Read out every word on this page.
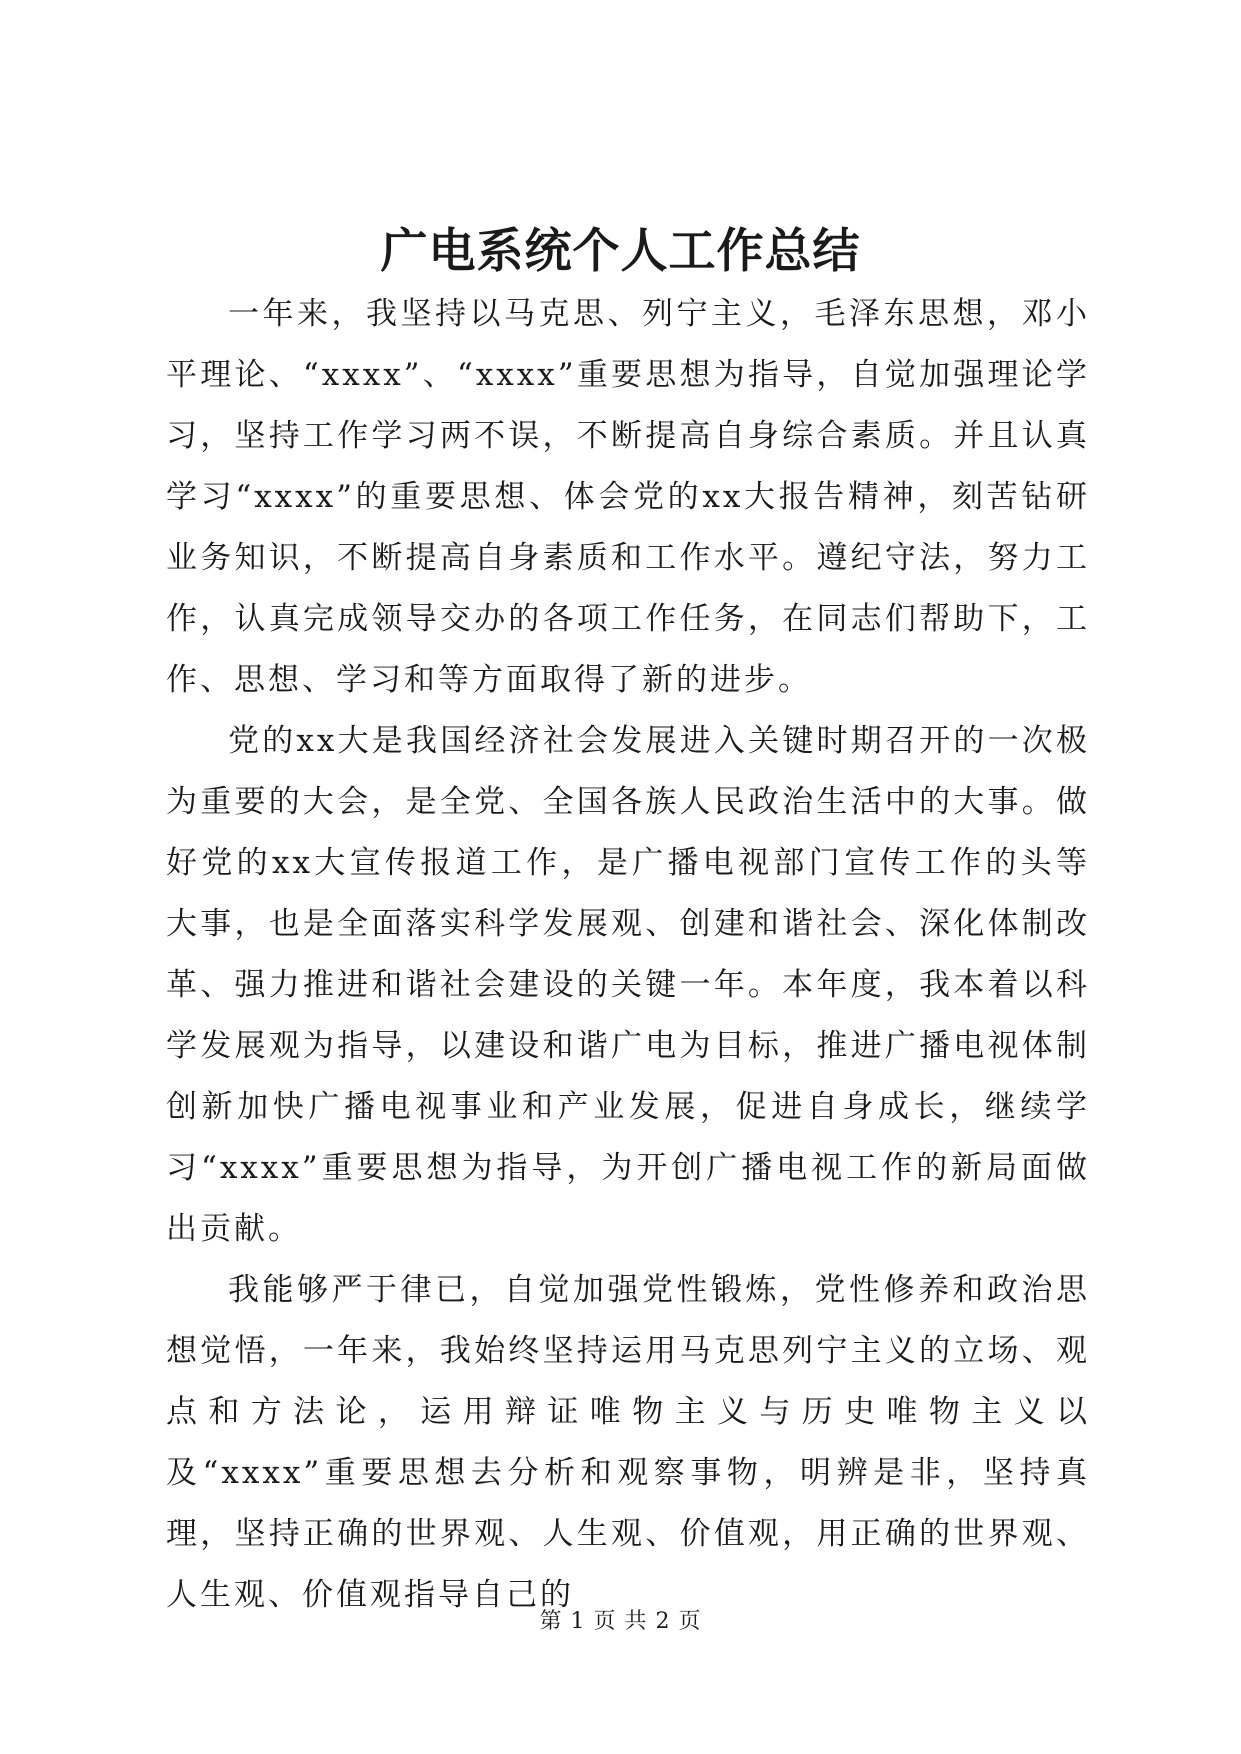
广电系统个人工作总结

一年来，我坚持以马克思、列宁主义，毛泽东思想，邓小平理论、“xxxx”、“xxxx”重要思想为指导，自觉加强理论学习，坚持工作学习两不误，不断提高自身综合素质。并且认真学习“xxxx”的重要思想、体会党的xx大报告精神，刻苦钻研业务知识，不断提高自身素质和工作水平。遵纪守法，努力工作，认真完成领导交办的各项工作任务，在同志们帮助下，工作、思想、学习和等方面取得了新的进步。

党的xx大是我国经济社会发展进入关键时期召开的一次极为重要的大会，是全党、全国各族人民政治生活中的大事。做好党的xx大宣传报道工作，是广播电视部门宣传工作的头等大事，也是全面落实科学发展观、创建和谐社会、深化体制改革、强力推进和谐社会建设的关键一年。本年度，我本着以科学发展观为指导，以建设和谐广电为目标，推进广播电视体制创新加快广播电视事业和产业发展，促进自身成长，继续学习“xxxx”重要思想为指导，为开创广播电视工作的新局面做出贡献。

我能够严于律已，自觉加强党性锻炼，党性修养和政治思想觉悟，一年来，我始终坚持运用马克思列宁主义的立场、观点和方法论，运用辩证唯物主义与历史唯物主义以及“xxxx”重要思想去分析和观察事物，明辨是非，坚持真理，坚持正确的世界观、人生观、价值观，用正确的世界观、人生观、价值观指导自己的

第 1 页 共 2 页
